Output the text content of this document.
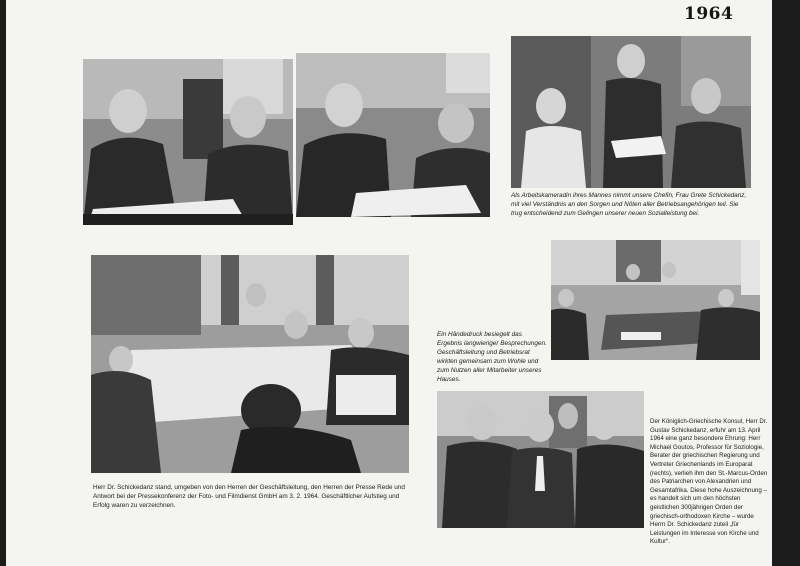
1964

Als Arbeitskameradin ihres Mannes nimmt unsere Chefin, Frau Grete Schickedanz, mit viel Verständnis an den Sorgen und Nöten aller Betriebsangehörigen teil. Sie trug entscheidend zum Gelingen unserer neuen Sozialleistung bei.

Herr Dr. Schickedanz stand, umgeben von den Herren der Geschäftsleitung, den Herren der Presse Rede und Antwort bei der Pressekonferenz der Foto- und Filmdienst GmbH am 3. 2. 1964. Geschäftlicher Aufstieg und Erfolg waren zu verzeichnen.

Ein Händedruck besiegelt das Ergebnis langwieriger Besprechungen. Geschäftsleitung und Betriebsrat wirkten gemeinsam zum Wohle und zum Nutzen aller Mitarbeiter unseres Hauses.

Der Königlich-Griechische Konsul, Herr Dr. Gustav Schickedanz, erfuhr am 13. April 1964 eine ganz besondere Ehrung: Herr Michael Goutos, Professor für Soziologie, Berater der griechischen Regierung und Vertreter Griechenlands im Europarat (rechts), verlieh ihm den St.-Marcus-Orden des Patriarchen von Alexandrien und Gesamtafrika. Diese hohe Auszeichnung – es handelt sich um den höchsten geistlichen 300jährigen Orden der griechisch-orthodoxen Kirche – wurde Herrn Dr. Schickedanz zuteil „für Leistungen im Interesse von Kirche und Kultur“.
